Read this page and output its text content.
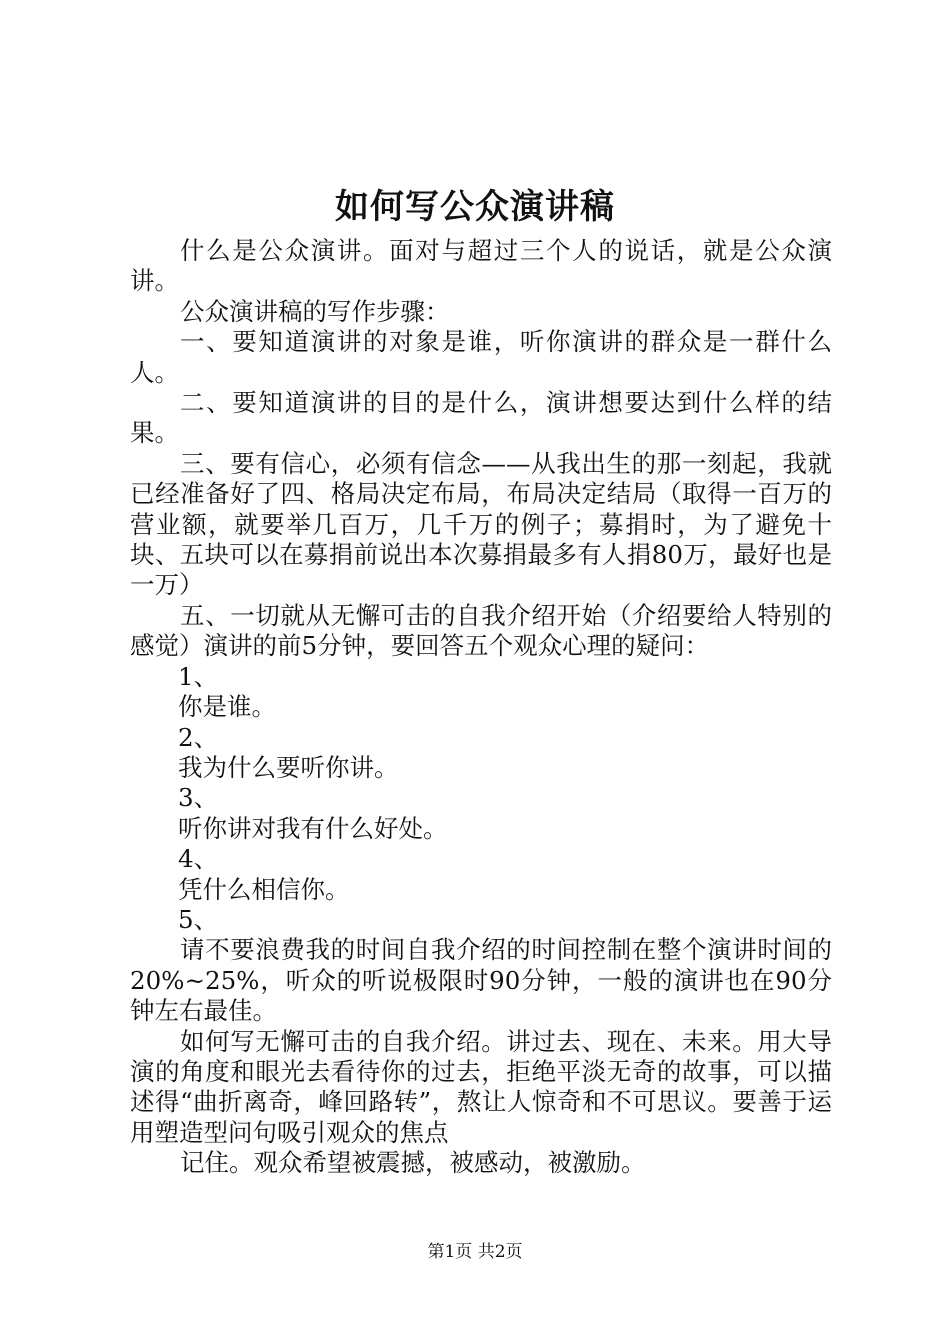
如何写公众演讲稿

什么是公众演讲。面对与超过三个人的说话，就是公众演讲。

公众演讲稿的写作步骤：

一、要知道演讲的对象是谁，听你演讲的群众是一群什么人。

二、要知道演讲的目的是什么，演讲想要达到什么样的结果。

三、要有信心，必须有信念——从我出生的那一刻起，我就已经准备好了四、格局决定布局，布局决定结局（取得一百万的营业额，就要举几百万，几千万的例子；募捐时，为了避免十块、五块可以在募捐前说出本次募捐最多有人捐80万，最好也是一万）

五、一切就从无懈可击的自我介绍开始（介绍要给人特别的感觉）演讲的前5分钟，要回答五个观众心理的疑问：

1、

你是谁。

2、

我为什么要听你讲。

3、

听你讲对我有什么好处。

4、

凭什么相信你。

5、

请不要浪费我的时间自我介绍的时间控制在整个演讲时间的20%~25%，听众的听说极限时90分钟，一般的演讲也在90分钟左右最佳。

如何写无懈可击的自我介绍。讲过去、现在、未来。用大导演的角度和眼光去看待你的过去，拒绝平淡无奇的故事，可以描述得“曲折离奇，峰回路转”，熬让人惊奇和不可思议。要善于运用塑造型问句吸引观众的焦点

记住。观众希望被震撼，被感动，被激励。

第1页 共2页
